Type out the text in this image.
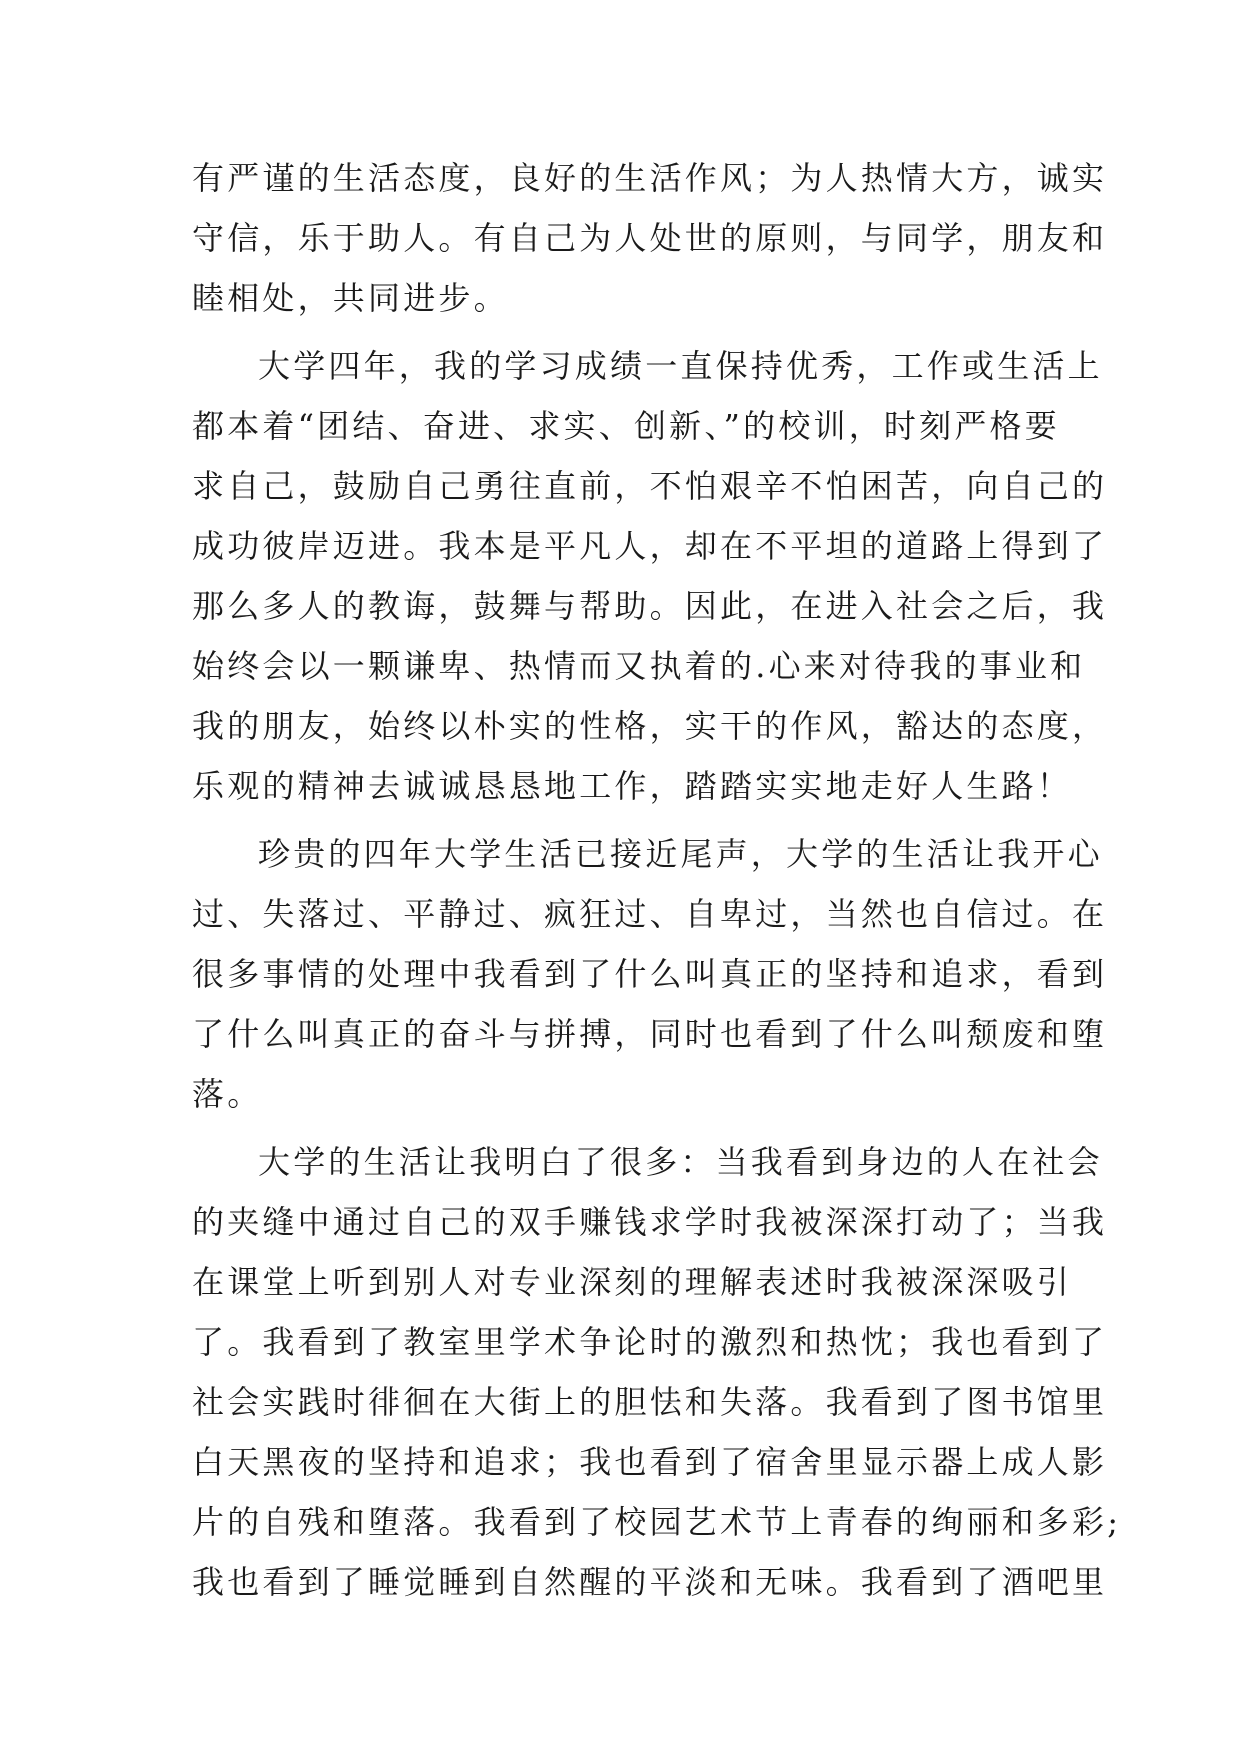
有严谨的生活态度，良好的生活作风；为人热情大方，诚实
守信，乐于助人。有自己为人处世的原则，与同学，朋友和
睦相处，共同进步。
大学四年，我的学习成绩一直保持优秀，工作或生活上
都本着“团结、奋进、求实、创新、”的校训，时刻严格要
求自己，鼓励自己勇往直前，不怕艰辛不怕困苦，向自己的
成功彼岸迈进。我本是平凡人，却在不平坦的道路上得到了
那么多人的教诲，鼓舞与帮助。因此，在进入社会之后，我
始终会以一颗谦卑、热情而又执着的.心来对待我的事业和
我的朋友，始终以朴实的性格，实干的作风，豁达的态度，
乐观的精神去诚诚恳恳地工作，踏踏实实地走好人生路！
珍贵的四年大学生活已接近尾声，大学的生活让我开心
过、失落过、平静过、疯狂过、自卑过，当然也自信过。在
很多事情的处理中我看到了什么叫真正的坚持和追求，看到
了什么叫真正的奋斗与拼搏，同时也看到了什么叫颓废和堕
落。
大学的生活让我明白了很多：当我看到身边的人在社会
的夹缝中通过自己的双手赚钱求学时我被深深打动了；当我
在课堂上听到别人对专业深刻的理解表述时我被深深吸引
了。我看到了教室里学术争论时的激烈和热忱；我也看到了
社会实践时徘徊在大街上的胆怯和失落。我看到了图书馆里
白天黑夜的坚持和追求；我也看到了宿舍里显示器上成人影
片的自残和堕落。我看到了校园艺术节上青春的绚丽和多彩;
我也看到了睡觉睡到自然醒的平淡和无味。我看到了酒吧里
